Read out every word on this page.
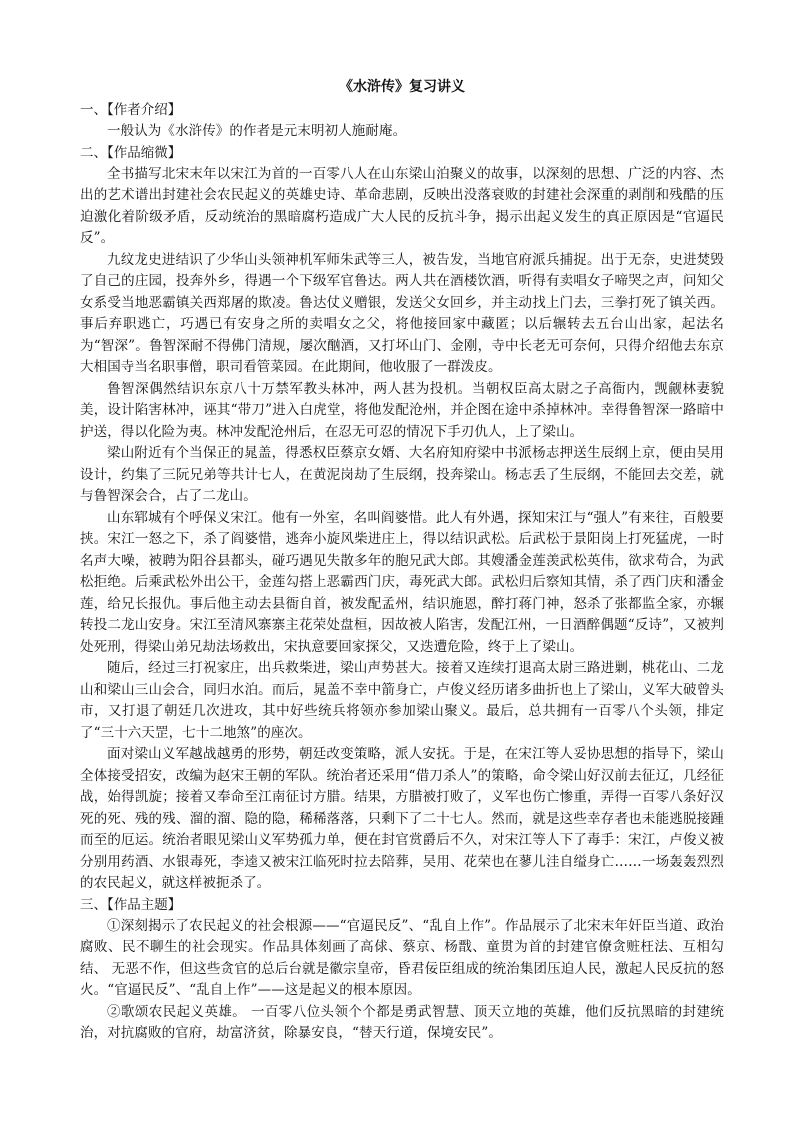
《水浒传》复习讲义
一、【作者介绍】

一般认为《水浒传》的作者是元末明初人施耐庵。

二、【作品缩微】

全书描写北宋末年以宋江为首的一百零八人在山东梁山泊聚义的故事，以深刻的思想、广泛的内容、杰出的艺术谱出封建社会农民起义的英雄史诗、革命悲剧，反映出没落衰败的封建社会深重的剥削和残酷的压迫激化着阶级矛盾，反动统治的黑暗腐朽造成广大人民的反抗斗争，揭示出起义发生的真正原因是“官逼民反”。

九纹龙史进结识了少华山头领神机军师朱武等三人，被告发，当地官府派兵捕捉。出于无奈，史进焚毁了自己的庄园，投奔外乡，得遇一个下级军官鲁达。两人共在酒楼饮酒，听得有卖唱女子啼哭之声，问知父女系受当地恶霸镇关西郑屠的欺凌。鲁达仗义赠银，发送父女回乡，并主动找上门去，三拳打死了镇关西。事后弃职逃亡，巧遇已有安身之所的卖唱女之父，将他接回家中藏匿；以后辗转去五台山出家，起法名为“智深”。鲁智深耐不得佛门清规，屡次酗酒，又打坏山门、金刚，寺中长老无可奈何，只得介绍他去东京大相国寺当名职事僧，职司看管菜园。在此期间，他收服了一群泼皮。

鲁智深偶然结识东京八十万禁军教头林冲，两人甚为投机。当朝权臣高太尉之子高衙内，觊觎林妻貌美，设计陷害林冲，诬其“带刀”进入白虎堂，将他发配沧州，并企图在途中杀掉林冲。幸得鲁智深一路暗中护送，得以化险为夷。林冲发配沧州后，在忍无可忍的情况下手刃仇人，上了梁山。

梁山附近有个当保正的晁盖，得悉权臣蔡京女婿、大名府知府梁中书派杨志押送生辰纲上京，便由吴用设计，约集了三阮兄弟等共计七人，在黄泥岗劫了生辰纲，投奔梁山。杨志丢了生辰纲，不能回去交差，就与鲁智深会合，占了二龙山。

山东郓城有个呼保义宋江。他有一外室，名叫阎婆惜。此人有外遇，探知宋江与“强人”有来往，百般要挟。宋江一怒之下，杀了阎婆惜，逃奔小旋风柴进庄上，得以结识武松。后武松于景阳岗上打死猛虎，一时名声大噪，被聘为阳谷县都头，碰巧遇见失散多年的胞兄武大郎。其嫂潘金莲羡武松英伟，欲求苟合，为武松拒绝。后乘武松外出公干，金莲勾搭上恶霸西门庆，毒死武大郎。武松归后察知其情，杀了西门庆和潘金莲，给兄长报仇。事后他主动去县衙自首，被发配孟州，结识施恩，醉打蒋门神，怒杀了张都监全家，亦辗转投二龙山安身。宋江至清风寨寨主花荣处盘桓，因故被人陷害，发配江州，一日酒醉偶题“反诗”，又被判处死刑，得梁山弟兄劫法场救出，宋执意要回家探父，又迭遭危险，终于上了梁山。

随后，经过三打祝家庄，出兵救柴进，梁山声势甚大。接着又连续打退高太尉三路进剿，桃花山、二龙山和梁山三山会合，同归水泊。而后，晁盖不幸中箭身亡，卢俊义经历诸多曲折也上了梁山，义军大破曾头市，又打退了朝廷几次进攻，其中好些统兵将领亦参加梁山聚义。最后，总共拥有一百零八个头领，排定了“三十六天罡，七十二地煞”的座次。

面对梁山义军越战越勇的形势，朝廷改变策略，派人安抚。于是，在宋江等人妥协思想的指导下，梁山全体接受招安，改编为赵宋王朝的军队。统治者还采用“借刀杀人”的策略，命令梁山好汉前去征辽，几经征战，始得凯旋；接着又奉命至江南征讨方腊。结果，方腊被打败了，义军也伤亡惨重，弄得一百零八条好汉死的死、残的残、溜的溜、隐的隐，稀稀落落，只剩下了二十七人。然而，就是这些幸存者也未能逃脱接踵而至的厄运。统治者眼见梁山义军势孤力单，便在封官赏爵后不久，对宋江等人下了毒手：宋江，卢俊义被分别用药酒、水银毒死，李逵又被宋江临死时拉去陪葬，吴用、花荣也在蓼儿洼自缢身亡……一场轰轰烈烈的农民起义，就这样被扼杀了。

三、【作品主题】

①深刻揭示了农民起义的社会根源——“官逼民反”、“乱自上作”。作品展示了北宋末年奸臣当道、政治腐败、民不聊生的社会现实。作品具体刻画了高俅、蔡京、杨戬、童贯为首的封建官僚贪赃枉法、互相勾结、 无恶不作，但这些贪官的总后台就是徽宗皇帝，昏君佞臣组成的统治集团压迫人民，激起人民反抗的怒火。“官逼民反”、“乱自上作”——这是起义的根本原因。

②歌颂农民起义英雄。 一百零八位头领个个都是勇武智慧、顶天立地的英雄，他们反抗黑暗的封建统治，对抗腐败的官府，劫富济贫，除暴安良，“替天行道，保境安民”。
